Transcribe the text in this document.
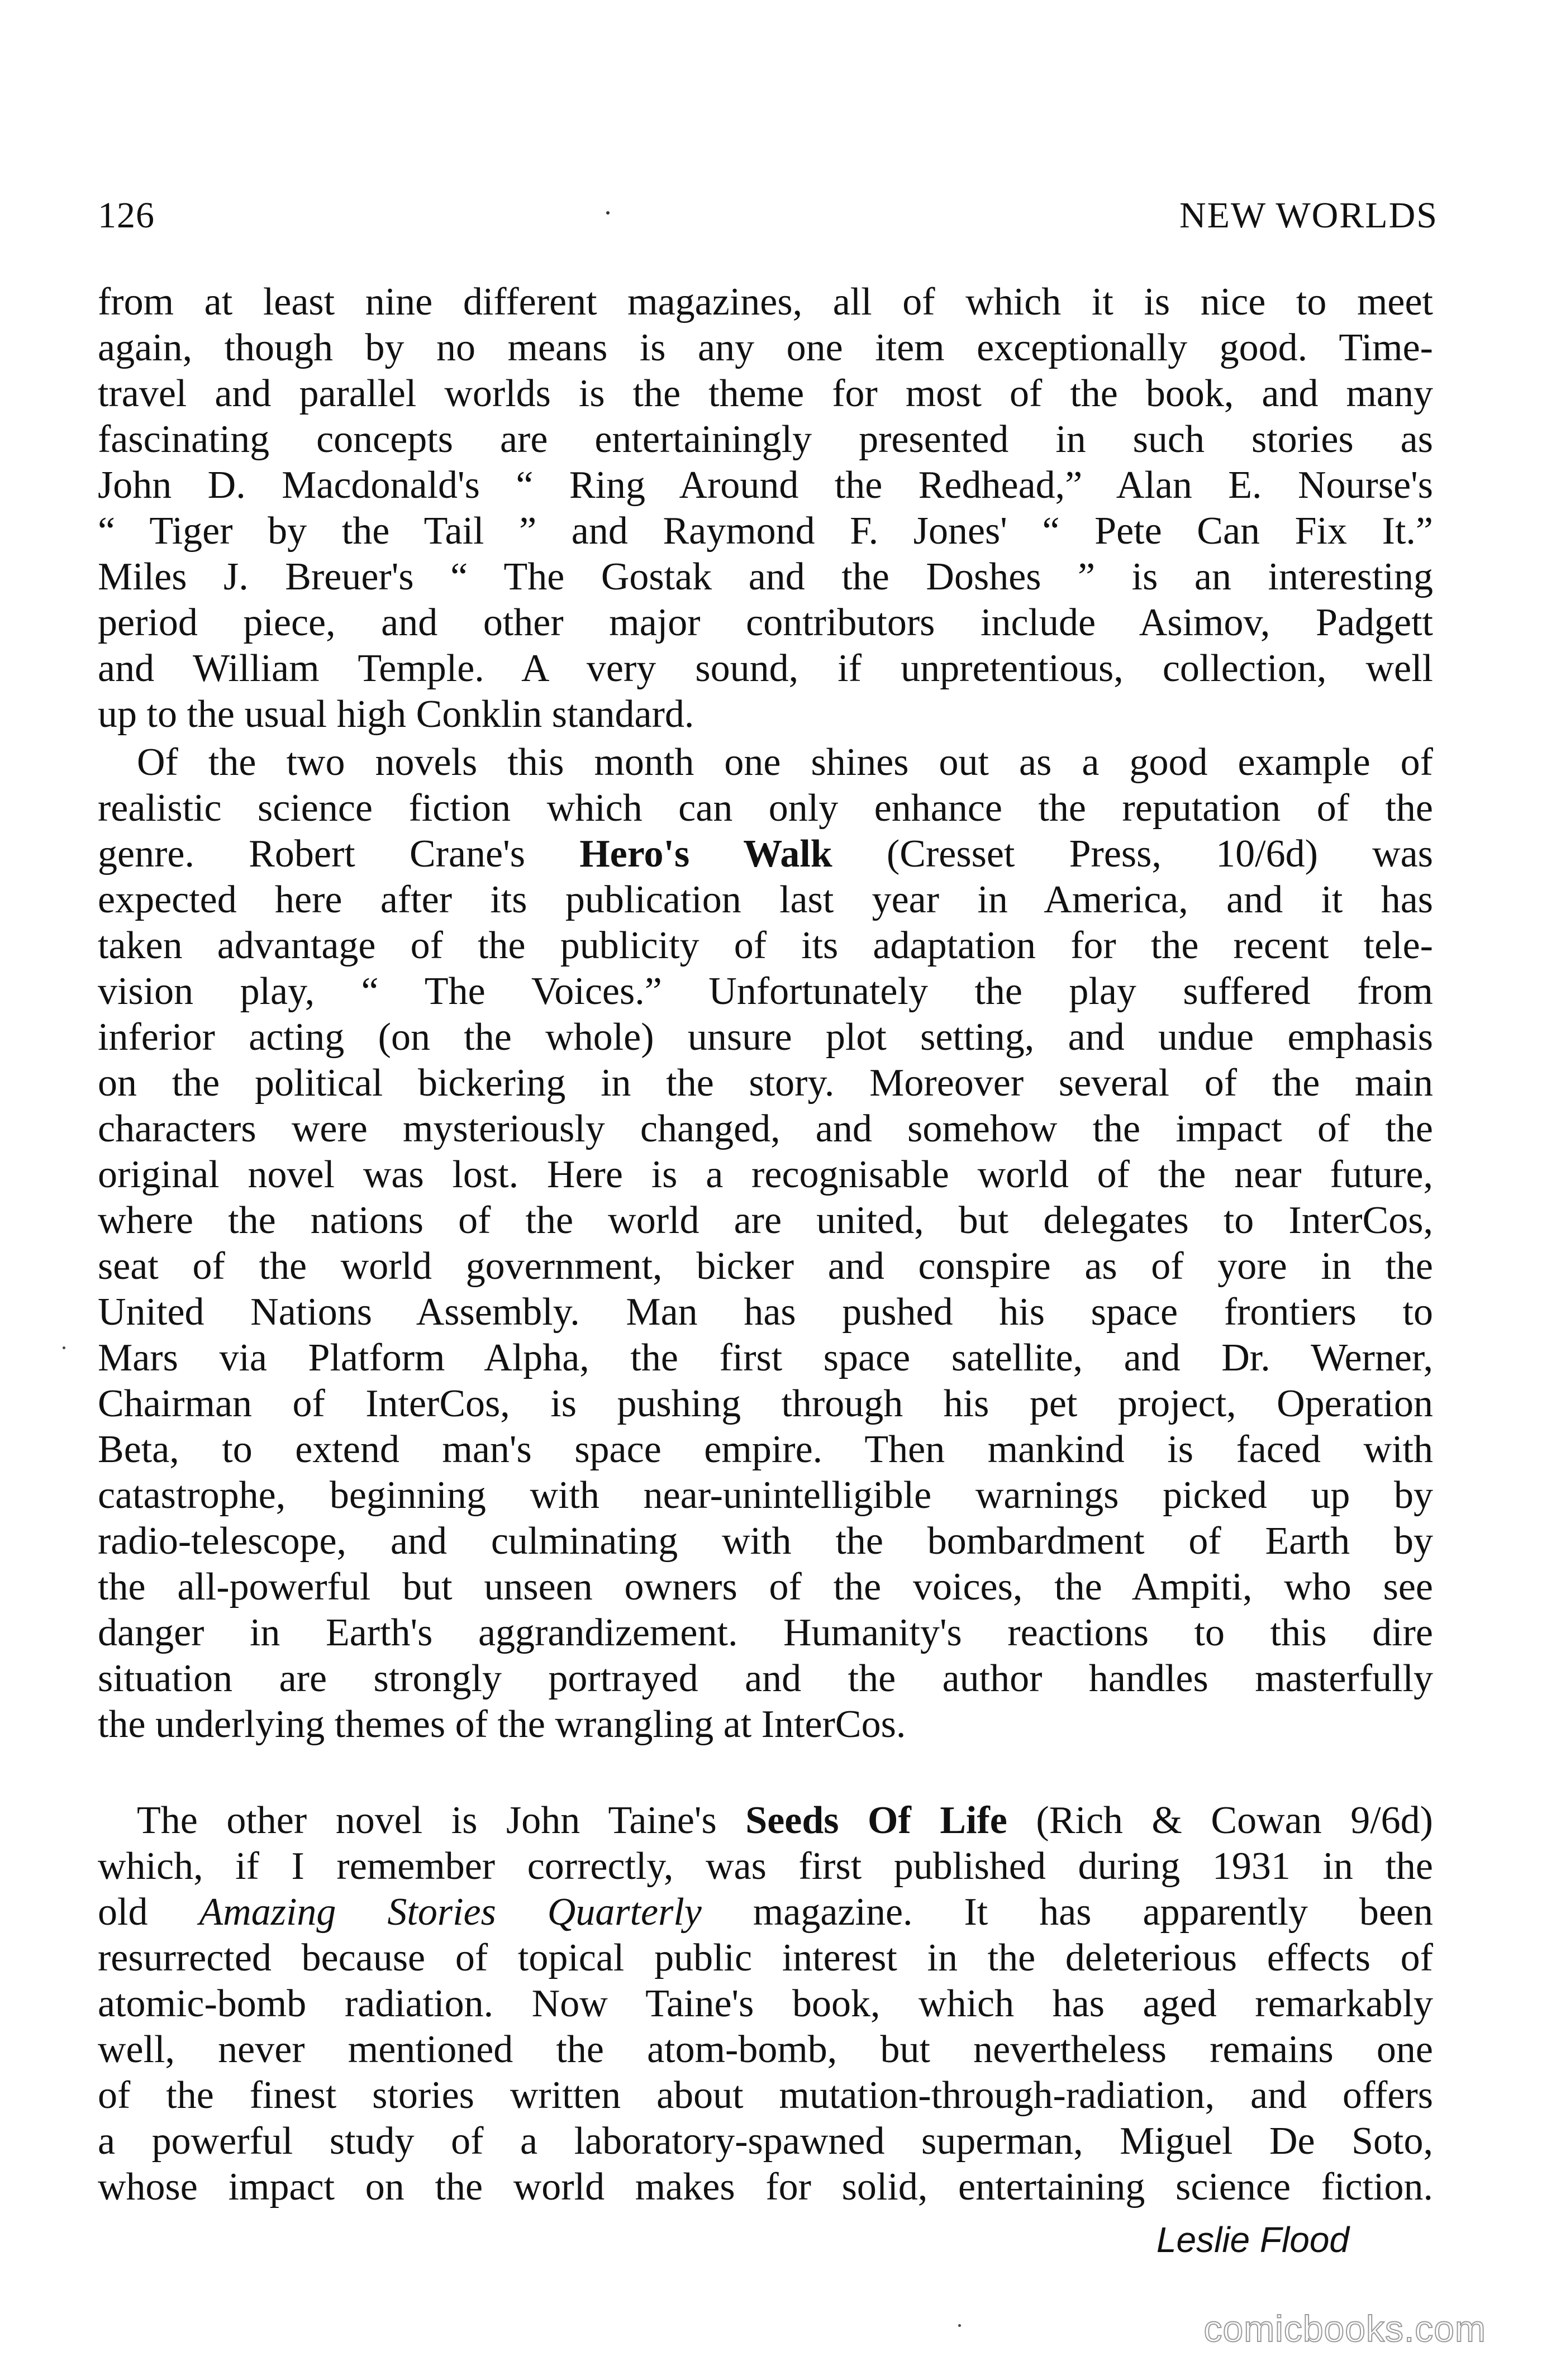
126	NEW WORLDS
from at least nine different magazines, all of which it is nice to meet
again, though by no means is any one item exceptionally good. Time-
travel and parallel worlds is the theme for most of the book, and many
fascinating concepts are entertainingly presented in such stories as
John D. Macdonald's “ Ring Around the Redhead,” Alan E. Nourse's
“ Tiger by the Tail ” and Raymond F. Jones' “ Pete Can Fix It.”
Miles J. Breuer's “ The Gostak and the Doshes ” is an interesting
period piece, and other major contributors include Asimov, Padgett
and William Temple. A very sound, if unpretentious, collection, well
up to the usual high Conklin standard.
Of the two novels this month one shines out as a good example of
realistic science fiction which can only enhance the reputation of the
genre. Robert Crane's Hero's Walk (Cresset Press, 10/6d) was
expected here after its publication last year in America, and it has
taken advantage of the publicity of its adaptation for the recent tele-
vision play, “ The Voices.” Unfortunately the play suffered from
inferior acting (on the whole) unsure plot setting, and undue emphasis
on the political bickering in the story. Moreover several of the main
characters were mysteriously changed, and somehow the impact of the
original novel was lost. Here is a recognisable world of the near future,
where the nations of the world are united, but delegates to InterCos,
seat of the world government, bicker and conspire as of yore in the
United Nations Assembly. Man has pushed his space frontiers to
Mars via Platform Alpha, the first space satellite, and Dr. Werner,
Chairman of InterCos, is pushing through his pet project, Operation
Beta, to extend man's space empire. Then mankind is faced with
catastrophe, beginning with near-unintelligible warnings picked up by
radio-telescope, and culminating with the bombardment of Earth by
the all-powerful but unseen owners of the voices, the Ampiti, who see
danger in Earth's aggrandizement. Humanity's reactions to this dire
situation are strongly portrayed and the author handles masterfully
the underlying themes of the wrangling at InterCos.
The other novel is John Taine's Seeds Of Life (Rich & Cowan 9/6d)
which, if I remember correctly, was first published during 1931 in the
old Amazing Stories Quarterly magazine. It has apparently been
resurrected because of topical public interest in the deleterious effects of
atomic-bomb radiation. Now Taine's book, which has aged remarkably
well, never mentioned the atom-bomb, but nevertheless remains one
of the finest stories written about mutation-through-radiation, and offers
a powerful study of a laboratory-spawned superman, Miguel De Soto,
whose impact on the world makes for solid, entertaining science fiction.
Leslie Flood
comicbooks.com
